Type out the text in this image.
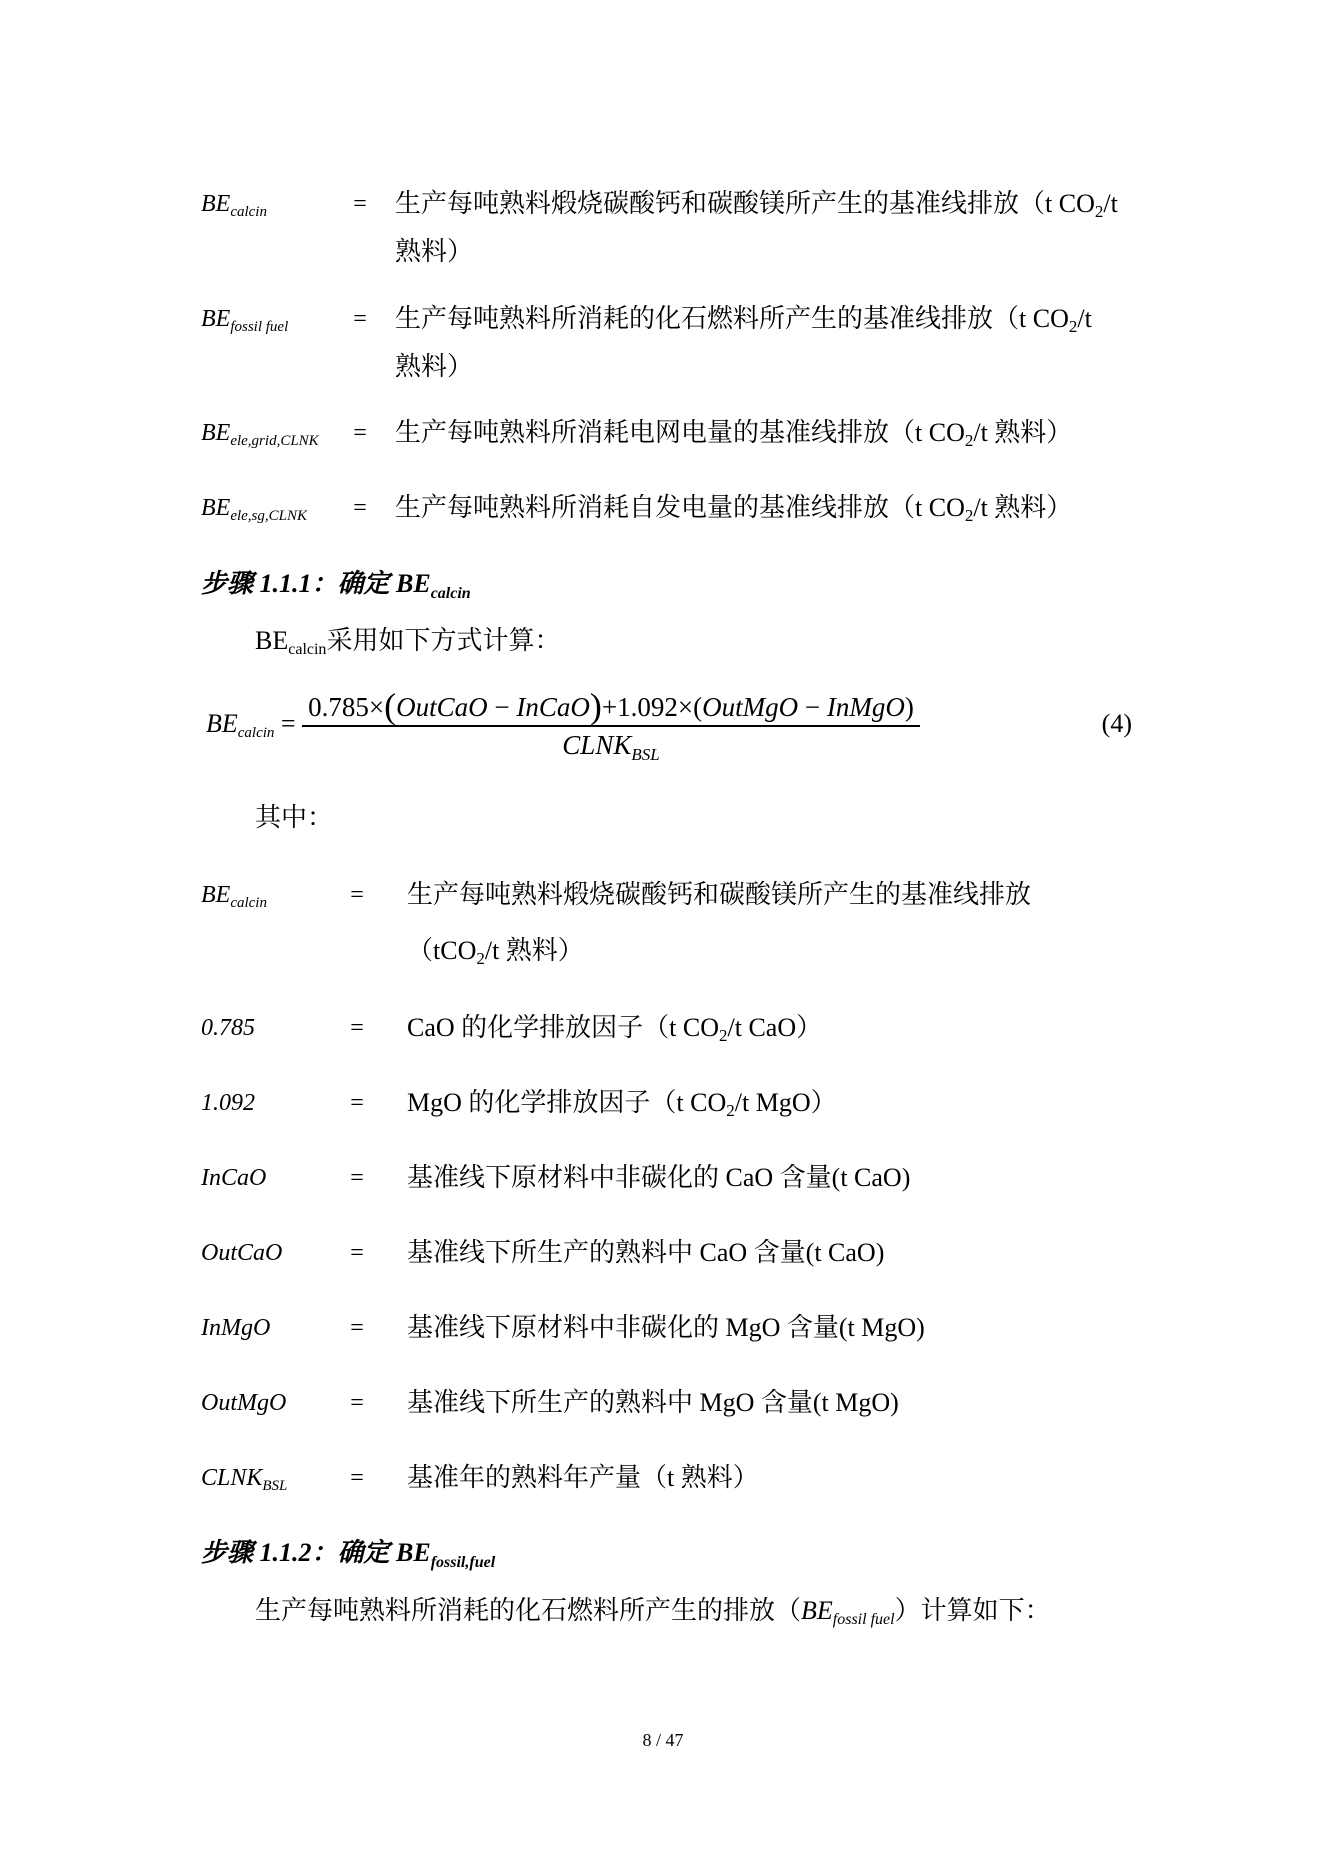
$BE_{calcin}$	=	生产每吨熟料煅烧碳酸钙和碳酸镁所产生的基准线排放（t CO2/t
熟料）
$BE_{fossil fuel}$	=	生产每吨熟料所消耗的化石燃料所产生的基准线排放（t CO2/t
熟料）
$BE_{ele,grid,CLNK}$	=	生产每吨熟料所消耗电网电量的基准线排放（t CO2/t 熟料）
$BE_{ele,sg,CLNK}$	=	生产每吨熟料所消耗自发电量的基准线排放（t CO2/t 熟料）
步骤 1.1.1：确定 $BE_{calcin}$
BEcalcin采用如下方式计算：
BEcalcin =
0.785×(OutCaO − InCaO)+1.092×(OutMgO − InMgO)
$CLNK_{BSL}$
(4)
其中：
$BE_{calcin}$	=	生产每吨熟料煅烧碳酸钙和碳酸镁所产生的基准线排放
（tCO2/t 熟料）
0.785	=	CaO 的化学排放因子（t CO2/t CaO）
1.092	=	MgO 的化学排放因子（t CO2/t MgO）
InCaO	=	基准线下原材料中非碳化的 CaO 含量(t CaO)
OutCaO	=	基准线下所生产的熟料中 CaO 含量(t CaO)
InMgO	=	基准线下原材料中非碳化的 MgO 含量(t MgO)
OutMgO	=	基准线下所生产的熟料中 MgO 含量(t MgO)
$CLNK_{BSL}$	=	基准年的熟料年产量（t 熟料）
步骤 1.1.2：确定 $BE_{fossil,fuel}$
生产每吨熟料所消耗的化石燃料所产生的排放（BEfossil fuel）计算如下：
8 / 47
